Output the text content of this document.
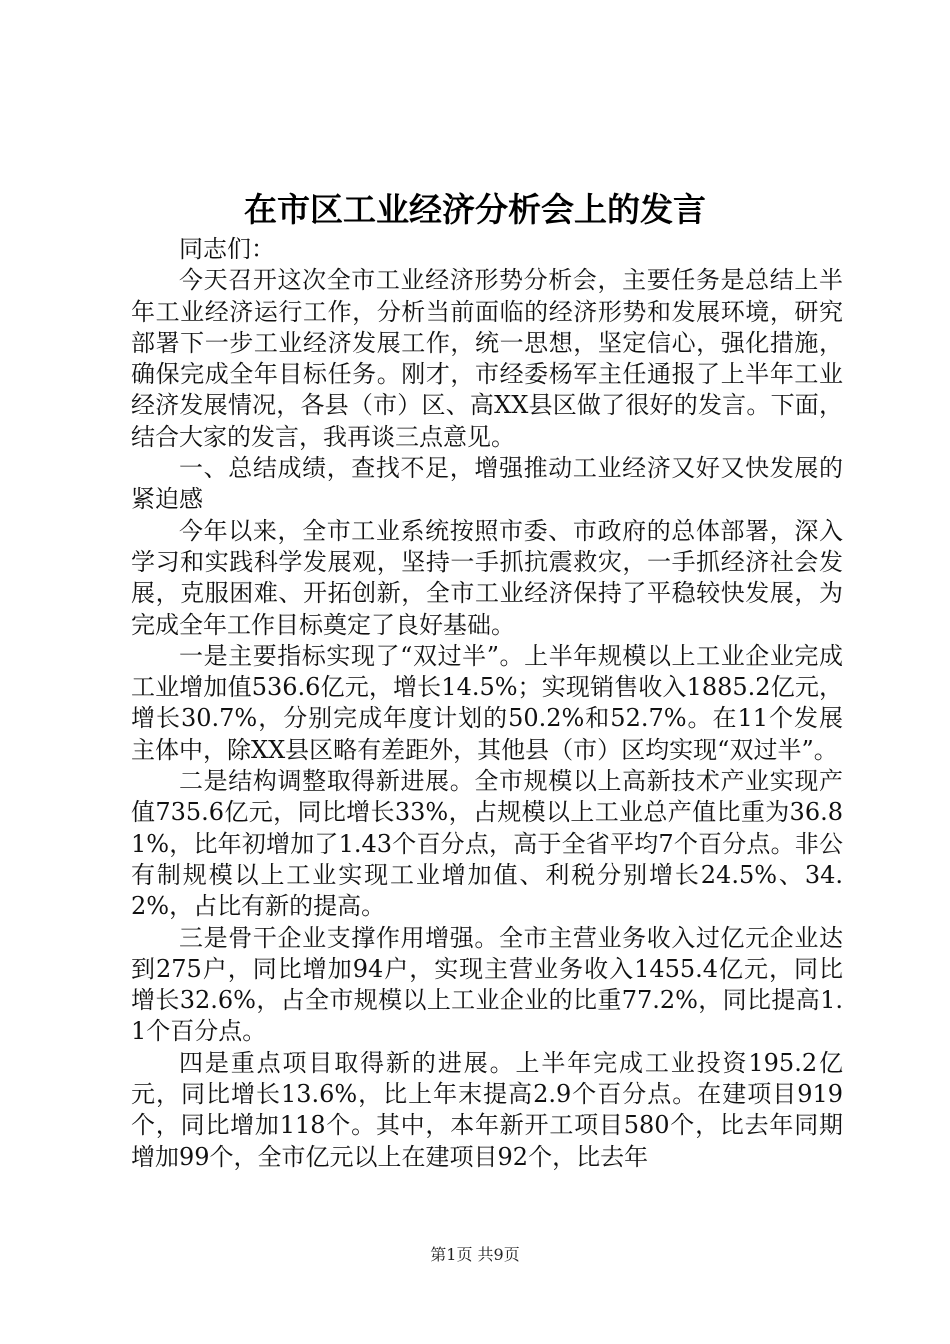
在市区工业经济分析会上的发言

同志们：

今天召开这次全市工业经济形势分析会，主要任务是总结上半年工业经济运行工作，分析当前面临的经济形势和发展环境，研究部署下一步工业经济发展工作，统一思想，坚定信心，强化措施，确保完成全年目标任务。刚才，市经委杨军主任通报了上半年工业经济发展情况，各县（市）区、高XX县区做了很好的发言。下面，结合大家的发言，我再谈三点意见。

一、总结成绩，查找不足，增强推动工业经济又好又快发展的紧迫感

今年以来，全市工业系统按照市委、市政府的总体部署，深入学习和实践科学发展观，坚持一手抓抗震救灾，一手抓经济社会发展，克服困难、开拓创新，全市工业经济保持了平稳较快发展，为完成全年工作目标奠定了良好基础。

一是主要指标实现了“双过半”。上半年规模以上工业企业完成工业增加值536.6亿元，增长14.5%；实现销售收入1885.2亿元，增长30.7%，分别完成年度计划的50.2%和52.7%。在11个发展主体中，除XX县区略有差距外，其他县（市）区均实现“双过半”。

二是结构调整取得新进展。全市规模以上高新技术产业实现产值735.6亿元，同比增长33%，占规模以上工业总产值比重为36.81%，比年初增加了1.43个百分点，高于全省平均7个百分点。非公有制规模以上工业实现工业增加值、利税分别增长24.5%、34.2%，占比有新的提高。

三是骨干企业支撑作用增强。全市主营业务收入过亿元企业达到275户，同比增加94户，实现主营业务收入1455.4亿元，同比增长32.6%，占全市规模以上工业企业的比重77.2%，同比提高1.1个百分点。

四是重点项目取得新的进展。上半年完成工业投资195.2亿元，同比增长13.6%，比上年末提高2.9个百分点。在建项目919个，同比增加118个。其中，本年新开工项目580个，比去年同期增加99个，全市亿元以上在建项目92个，比去年

第1页 共9页
